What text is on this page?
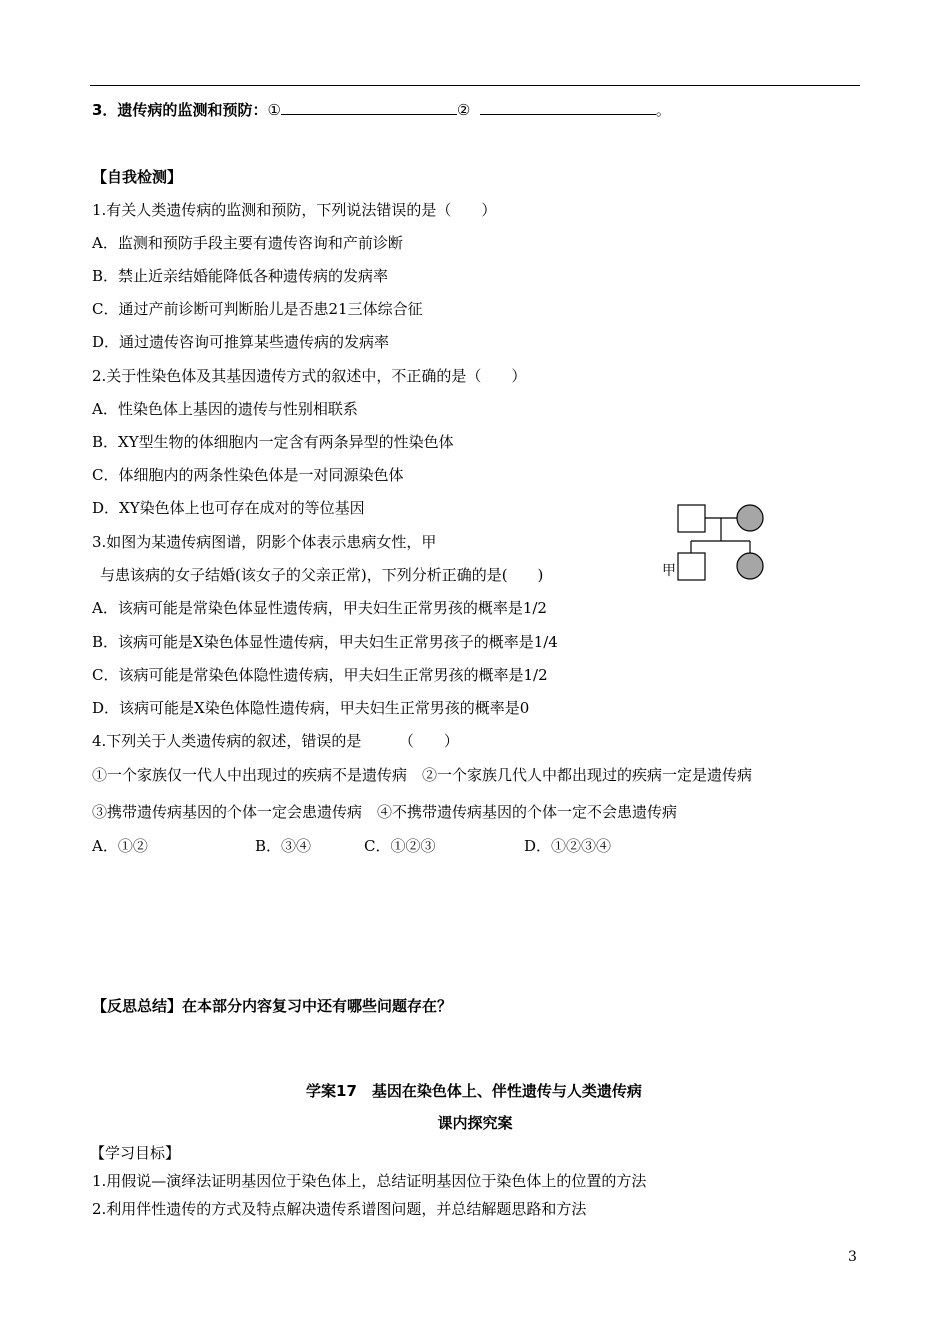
3．遗传病的监测和预防：①	②	。
【自我检测】
1.有关人类遗传病的监测和预防，下列说法错误的是（　　）
A．监测和预防手段主要有遗传咨询和产前诊断
B．禁止近亲结婚能降低各种遗传病的发病率
C．通过产前诊断可判断胎儿是否患21三体综合征
D．通过遗传咨询可推算某些遗传病的发病率
2.关于性染色体及其基因遗传方式的叙述中，不正确的是（　　）
A．性染色体上基因的遗传与性别相联系
B．XY型生物的体细胞内一定含有两条异型的性染色体
C．体细胞内的两条性染色体是一对同源染色体
D．XY染色体上也可存在成对的等位基因
3.如图为某遗传病图谱，阴影个体表示患病女性，甲
与患该病的女子结婚(该女子的父亲正常)，下列分析正确的是(　　)
A．该病可能是常染色体显性遗传病，甲夫妇生正常男孩的概率是1/2
B．该病可能是X染色体显性遗传病，甲夫妇生正常男孩子的概率是1/4
C．该病可能是常染色体隐性遗传病，甲夫妇生正常男孩的概率是1/2
D．该病可能是X染色体隐性遗传病，甲夫妇生正常男孩的概率是0
甲
4.下列关于人类遗传病的叙述，错误的是　　　（　　）
①一个家族仅一代人中出现过的疾病不是遗传病　②一个家族几代人中都出现过的疾病一定是遗传病
③携带遗传病基因的个体一定会患遗传病　④不携带遗传病基因的个体一定不会患遗传病
A．①②	B．③④	C．①②③	D．①②③④
【反思总结】在本部分内容复习中还有哪些问题存在？
学案17　基因在染色体上、伴性遗传与人类遗传病
课内探究案
【学习目标】
1.用假说—演绎法证明基因位于染色体上，总结证明基因位于染色体上的位置的方法
2.利用伴性遗传的方式及特点解决遗传系谱图问题，并总结解题思路和方法
3
